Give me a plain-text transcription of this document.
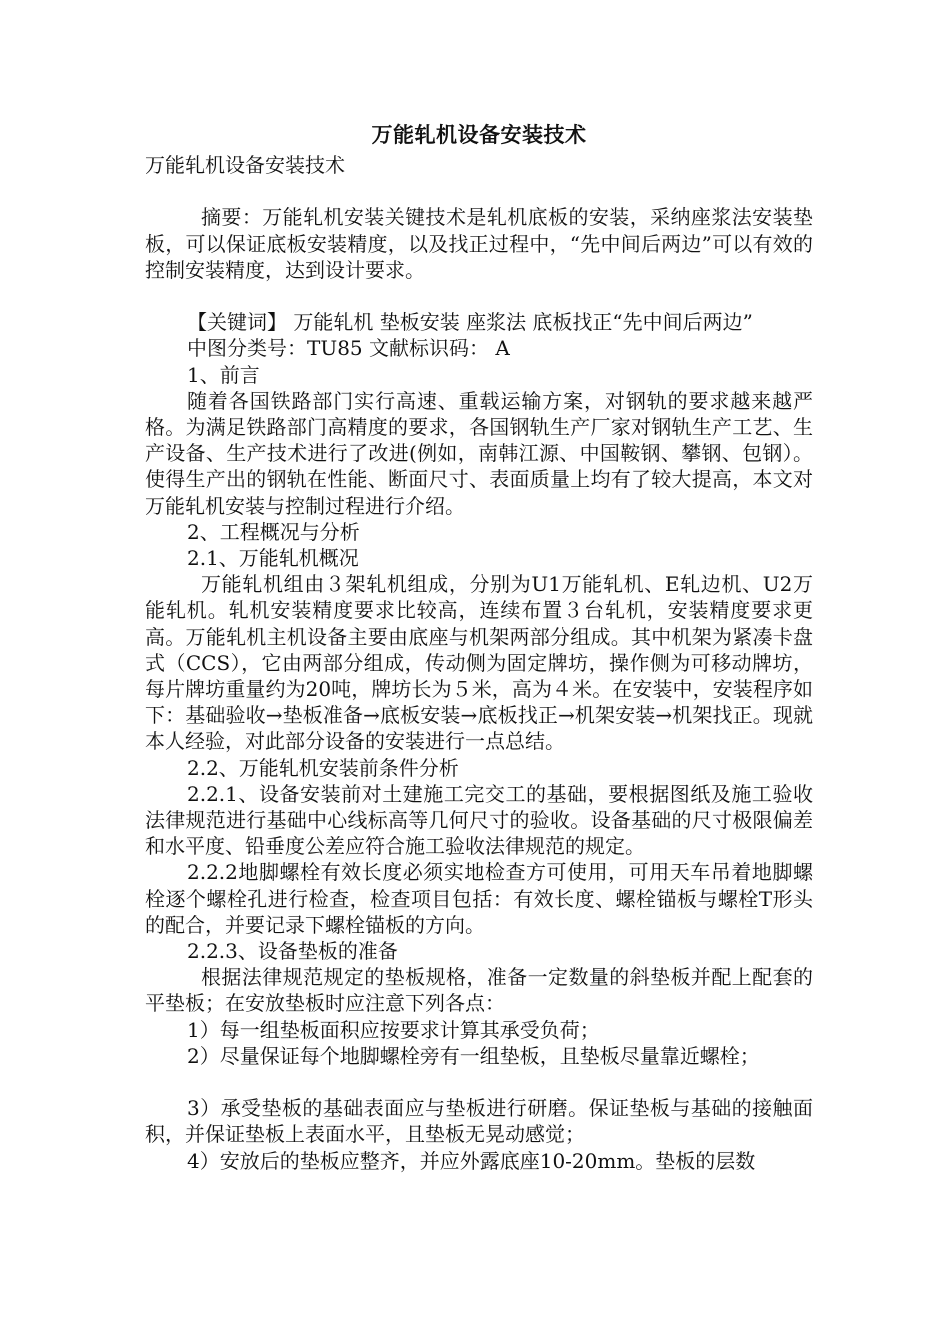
万能轧机设备安装技术

万能轧机设备安装技术

摘要：万能轧机安装关键技术是轧机底板的安装，采纳座浆法安装垫板，可以保证底板安装精度，以及找正过程中，“先中间后两边”可以有效的控制安装精度，达到设计要求。

【关键词】 万能轧机 垫板安装 座浆法 底板找正“先中间后两边”

中图分类号：TU85 文献标识码： A

1、前言

随着各国铁路部门实行高速、重载运输方案，对钢轨的要求越来越严格。为满足铁路部门高精度的要求，各国钢轨生产厂家对钢轨生产工艺、生产设备、生产技术进行了改进(例如，南韩江源、中国鞍钢、攀钢、包钢）。使得生产出的钢轨在性能、断面尺寸、表面质量上均有了较大提高，本文对万能轧机安装与控制过程进行介绍。

2、工程概况与分析

2.1、万能轧机概况

万能轧机组由３架轧机组成，分别为U1万能轧机、E轧边机、U2万能轧机。轧机安装精度要求比较高，连续布置３台轧机，安装精度要求更高。万能轧机主机设备主要由底座与机架两部分组成。其中机架为紧凑卡盘式（CCS），它由两部分组成，传动侧为固定牌坊，操作侧为可移动牌坊，每片牌坊重量约为20吨，牌坊长为５米，高为４米。在安装中，安装程序如下：基础验收→垫板准备→底板安装→底板找正→机架安装→机架找正。现就本人经验，对此部分设备的安装进行一点总结。

2.2、万能轧机安装前条件分析

2.2.1、设备安装前对土建施工完交工的基础，要根据图纸及施工验收法律规范进行基础中心线标高等几何尺寸的验收。设备基础的尺寸极限偏差和水平度、铅垂度公差应符合施工验收法律规范的规定。

2.2.2地脚螺栓有效长度必须实地检查方可使用，可用天车吊着地脚螺栓逐个螺栓孔进行检查，检查项目包括：有效长度、螺栓锚板与螺栓T形头的配合，并要记录下螺栓锚板的方向。

2.2.3、设备垫板的准备

根据法律规范规定的垫板规格，准备一定数量的斜垫板并配上配套的平垫板；在安放垫板时应注意下列各点：

1）每一组垫板面积应按要求计算其承受负荷；

2）尽量保证每个地脚螺栓旁有一组垫板，且垫板尽量靠近螺栓；

3）承受垫板的基础表面应与垫板进行研磨。保证垫板与基础的接触面积，并保证垫板上表面水平，且垫板无晃动感觉；

4）安放后的垫板应整齐，并应外露底座10-20mm。垫板的层数
